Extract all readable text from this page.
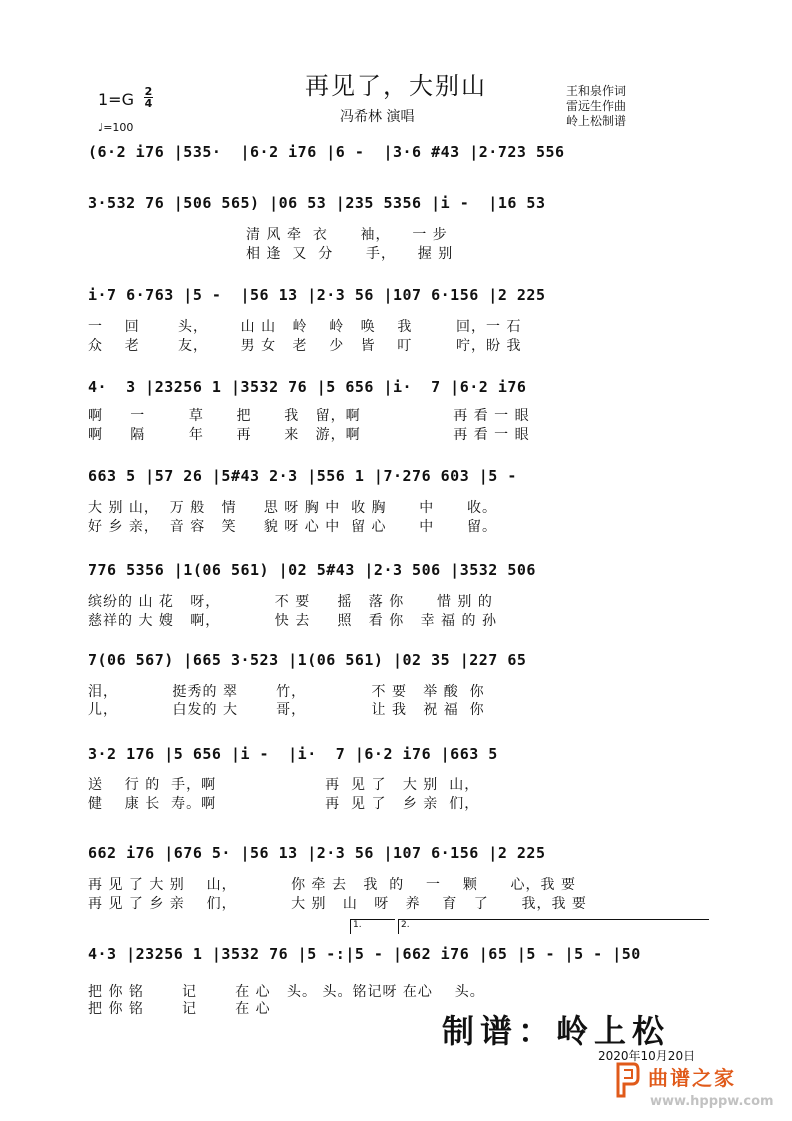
再见了，大别山
冯希林 演唱
1=G 2
4
♩=100
王和泉作词
雷远生作曲
岭上松制谱
(6·2 i76 |535·  |6·2 i76 |6 -  |3·6 #43 |2·723 556
3·532 76 |506 565) |06 53 |235 5356 |i -  |16 53
清 风 牵  衣      袖，    一 步
相 逢  又  分      手，    握 别
i·7 6·763 |5 -  |56 13 |2·3 56 |107 6·156 |2 225
一    回       头，      山 山   岭    岭   唤    我        回，一 石
众    老       友，      男 女   老    少   皆    叮        咛，盼 我
4·  3 |23256 1 |3532 76 |5 656 |i·  7 |6·2 i76
啊     一        草      把      我   留，啊                 再 看 一 眼
啊     隔        年      再      来   游，啊                 再 看 一 眼
663 5 |57 26 |5#43 2·3 |556 1 |7·276 603 |5 -
大 别 山，  万 般   情     思 呀 胸 中  收 胸      中      收。
好 乡 亲，  音 容   笑     貌 呀 心 中  留 心      中      留。
776 5356 |1(06 561) |02 5#43 |2·3 506 |3532 506
缤纷的 山 花   呀，          不 要     摇   落 你      惜 别 的
慈祥的 大 嫂   啊，          快 去     照   看 你   幸 福 的 孙
7(06 567) |665 3·523 |1(06 561) |02 35 |227 65
泪，          挺秀的 翠       竹，            不 要   举 酸  你
儿，          白发的 大       哥，            让 我   祝 福  你
3·2 176 |5 656 |i -  |i·  7 |6·2 i76 |663 5
送    行 的  手，啊                    再  见 了   大 别  山，
健    康 长  寿。啊                    再  见 了   乡 亲  们，
662 i76 |676 5· |56 13 |2·3 56 |107 6·156 |2 225
再 见 了 大 别    山，          你 牵 去   我  的    一    颗      心，我 要
再 见 了 乡 亲    们，          大 别   山   呀   养    育   了      我，我 要
1.	2.
4·3 |23256 1 |3532 76 |5 -:|5 - |662 i76 |65 |5 - |5 - |50
把 你 铭       记       在 心   头。 头。铭记呀 在心    头。
把 你 铭       记       在 心
制谱：岭上松
2020年10月20日
曲谱之家
www.hpppw.com
